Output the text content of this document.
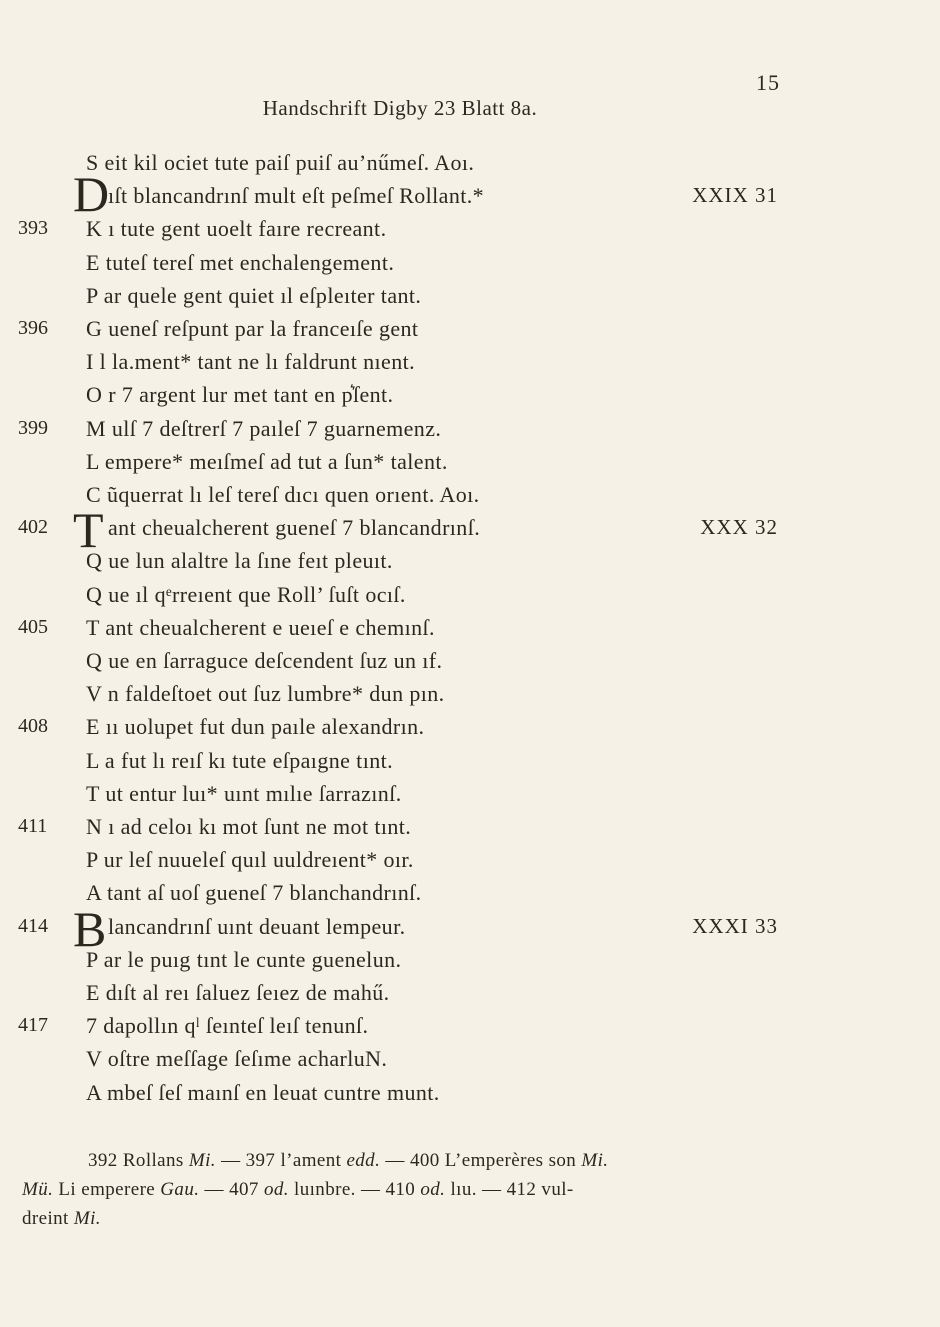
15
Handschrift Digby 23 Blatt 8a.
S eit kil ociet tute paiſ puiſ au’nűmeſ. Aoı.
D
ıſt blancandrınſ mult eſt peſmeſ Rollant.*	XXIX 31
393	K ı tute gent uoelt faıre recreant.
E tuteſ tereſ met enchalengement.
P ar quele gent quiet ıl eſpleıter tant.
396	G uenеſ reſpunt par la franceıſe gent
I l la.ment* tant ne lı faldrunt nıent.
O r 7 argent lur met tant en p͛ſent.
399	M ulſ 7 deſtrerſ 7 paıleſ 7 guarnemenz.
L empere* meıſmeſ ad tut a ſun* talent.
C ũquerrat lı leſ tereſ dıcı quen orıent. Aoı.
402 T ant cheualcherent gueneſ 7 blancandrınſ.	XXX 32
Q ue lun alaltre la ſıne feıt pleuıt.
Q ue ıl qᵉrreıent que Roll’ ſuſt ocıſ.
405	T ant cheualcherent e ueıeſ e chemınſ.
Q ue en ſarraguce deſcendent ſuz un ıf.
V n faldeſtoet out ſuz lumbre* dun pın.
408	E ıı uolupet fut dun paıle alexandrın.
L a fut lı reıſ kı tute eſpaıgne tınt.
T ut entur luı* uınt mılıe ſarrazınſ.
411	N ı ad celoı kı mot ſunt ne mot tınt.
P ur leſ nuueleſ quıl uuldreıent* oır.
A tant aſ uoſ gueneſ 7 blanchandrınſ.
414 B lancandrınſ uınt deuant lempeur.	XXXI 33
P ar le puıg tınt le cunte guenelun.
E dıſt al reı ſaluez ſeıez de mahű.
417	7 dapollın qˡ ſeınteſ leıſ tenunſ.
V oſtre meſſage ſeſıme acharluN.
A mbeſ ſeſ maınſ en leuat cuntre munt.
392 Rollans Mi. — 397 l’ament edd. — 400 L’emperères son Mi.
Mü. Li emperere Gau. — 407 od. luınbre. — 410 od. lıu. — 412 vul-
dreint Mi.
